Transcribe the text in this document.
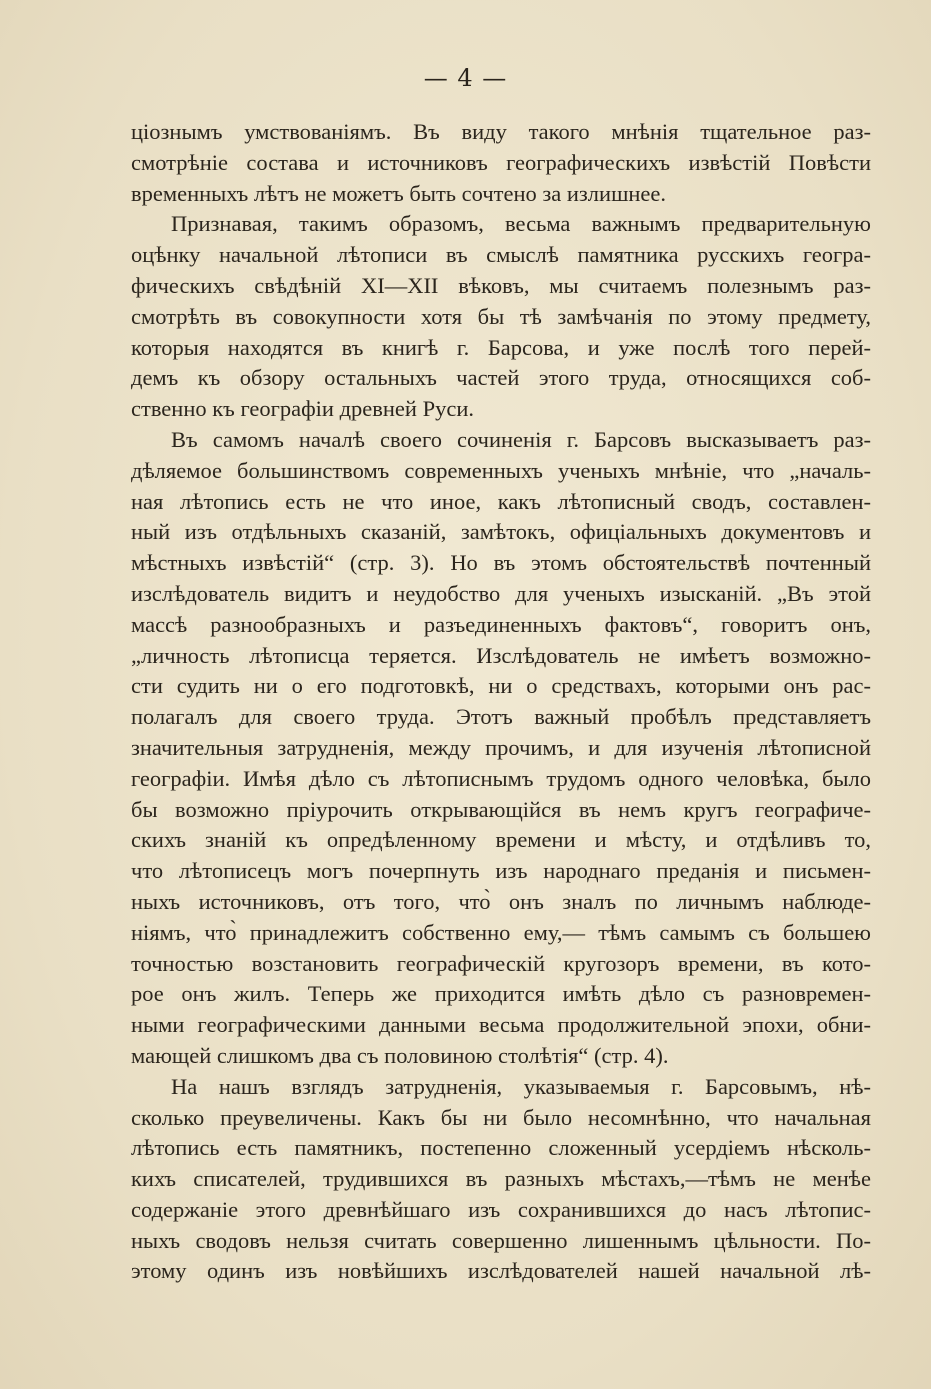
— 4 —
ціознымъ умствованіямъ. Въ виду такого мнѣнія тщательное раз-
смотрѣніе состава и источниковъ географическихъ извѣстій Повѣсти
временныхъ лѣтъ не можетъ быть сочтено за излишнее.
Признавая, такимъ образомъ, весьма важнымъ предварительную
оцѣнку начальной лѣтописи въ смыслѣ памятника русскихъ геогра-
фическихъ свѣдѣній XI—XII вѣковъ, мы считаемъ полезнымъ раз-
смотрѣть въ совокупности хотя бы тѣ замѣчанія по этому предмету,
которыя находятся въ книгѣ г. Барсова, и уже послѣ того перей-
демъ къ обзору остальныхъ частей этого труда, относящихся соб-
ственно къ географіи древней Руси.
Въ самомъ началѣ своего сочиненія г. Барсовъ высказываетъ раз-
дѣляемое большинствомъ современныхъ ученыхъ мнѣніе, что „началь-
ная лѣтопись есть не что иное, какъ лѣтописный сводъ, составлен-
ный изъ отдѣльныхъ сказаній, замѣтокъ, офиціальныхъ документовъ и
мѣстныхъ извѣстій“ (стр. 3). Но въ этомъ обстоятельствѣ почтенный
изслѣдователь видитъ и неудобство для ученыхъ изысканій. „Въ этой
массѣ разнообразныхъ и разъединенныхъ фактовъ“, говоритъ онъ,
„личность лѣтописца теряется. Изслѣдователь не имѣетъ возможно-
сти судить ни о его подготовкѣ, ни о средствахъ, которыми онъ рас-
полагалъ для своего труда. Этотъ важный пробѣлъ представляетъ
значительныя затрудненія, между прочимъ, и для изученія лѣтописной
географіи. Имѣя дѣло съ лѣтописнымъ трудомъ одного человѣка, было
бы возможно пріурочить открывающійся въ немъ кругъ географиче-
скихъ знаній къ опредѣленному времени и мѣсту, и отдѣливъ то,
что лѣтописецъ могъ почерпнуть изъ народнаго преданія и письмен-
ныхъ источниковъ, отъ того, что̀ онъ зналъ по личнымъ наблюде-
ніямъ, что̀ принадлежитъ собственно ему,— тѣмъ самымъ съ большею
точностью возстановить географическій кругозоръ времени, въ кото-
рое онъ жилъ. Теперь же приходится имѣть дѣло съ разновремен-
ными географическими данными весьма продолжительной эпохи, обни-
мающей слишкомъ два съ половиною столѣтія“ (стр. 4).
На нашъ взглядъ затрудненія, указываемыя г. Барсовымъ, нѣ-
сколько преувеличены. Какъ бы ни было несомнѣнно, что начальная
лѣтопись есть памятникъ, постепенно сложенный усердіемъ нѣсколь-
кихъ списателей, трудившихся въ разныхъ мѣстахъ,—тѣмъ не менѣе
содержаніе этого древнѣйшаго изъ сохранившихся до насъ лѣтопис-
ныхъ сводовъ нельзя считать совершенно лишеннымъ цѣльности. По-
этому одинъ изъ новѣйшихъ изслѣдователей нашей начальной лѣ-
